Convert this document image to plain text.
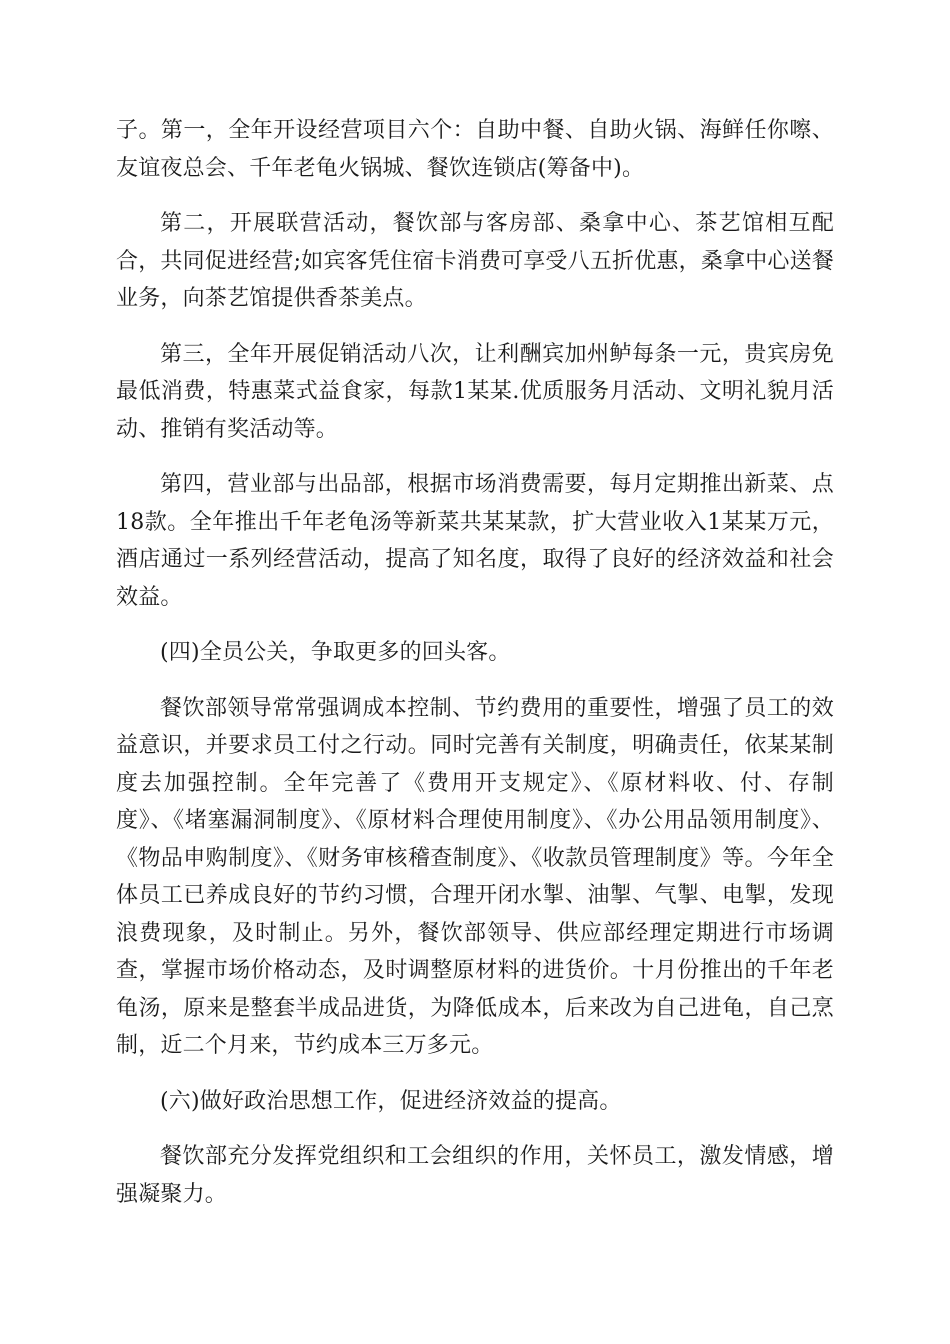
子。第一，全年开设经营项目六个：自助中餐、自助火锅、海鲜任你嚓、友谊夜总会、千年老龟火锅城、餐饮连锁店(筹备中)。

第二，开展联营活动，餐饮部与客房部、桑拿中心、茶艺馆相互配合，共同促进经营;如宾客凭住宿卡消费可享受八五折优惠，桑拿中心送餐业务，向茶艺馆提供香茶美点。

第三，全年开展促销活动八次，让利酬宾加州鲈每条一元，贵宾房免最低消费，特惠菜式益食家，每款1某某.优质服务月活动、文明礼貌月活动、推销有奖活动等。

第四，营业部与出品部，根据市场消费需要，每月定期推出新菜、点18款。全年推出千年老龟汤等新菜共某某款，扩大营业收入1某某万元，酒店通过一系列经营活动，提高了知名度，取得了良好的经济效益和社会效益。

(四)全员公关，争取更多的回头客。

餐饮部领导常常强调成本控制、节约费用的重要性，增强了员工的效益意识，并要求员工付之行动。同时完善有关制度，明确责任，依某某制度去加强控制。全年完善了《费用开支规定》、《原材料收、付、存制度》、《堵塞漏洞制度》、《原材料合理使用制度》、《办公用品领用制度》、《物品申购制度》、《财务审核稽查制度》、《收款员管理制度》等。今年全体员工已养成良好的节约习惯，合理开闭水掣、油掣、气掣、电掣，发现浪费现象，及时制止。另外，餐饮部领导、供应部经理定期进行市场调查，掌握市场价格动态，及时调整原材料的进货价。十月份推出的千年老龟汤，原来是整套半成品进货，为降低成本，后来改为自己进龟，自己烹制，近二个月来，节约成本三万多元。

(六)做好政治思想工作，促进经济效益的提高。

餐饮部充分发挥党组织和工会组织的作用，关怀员工，激发情感，增强凝聚力。
